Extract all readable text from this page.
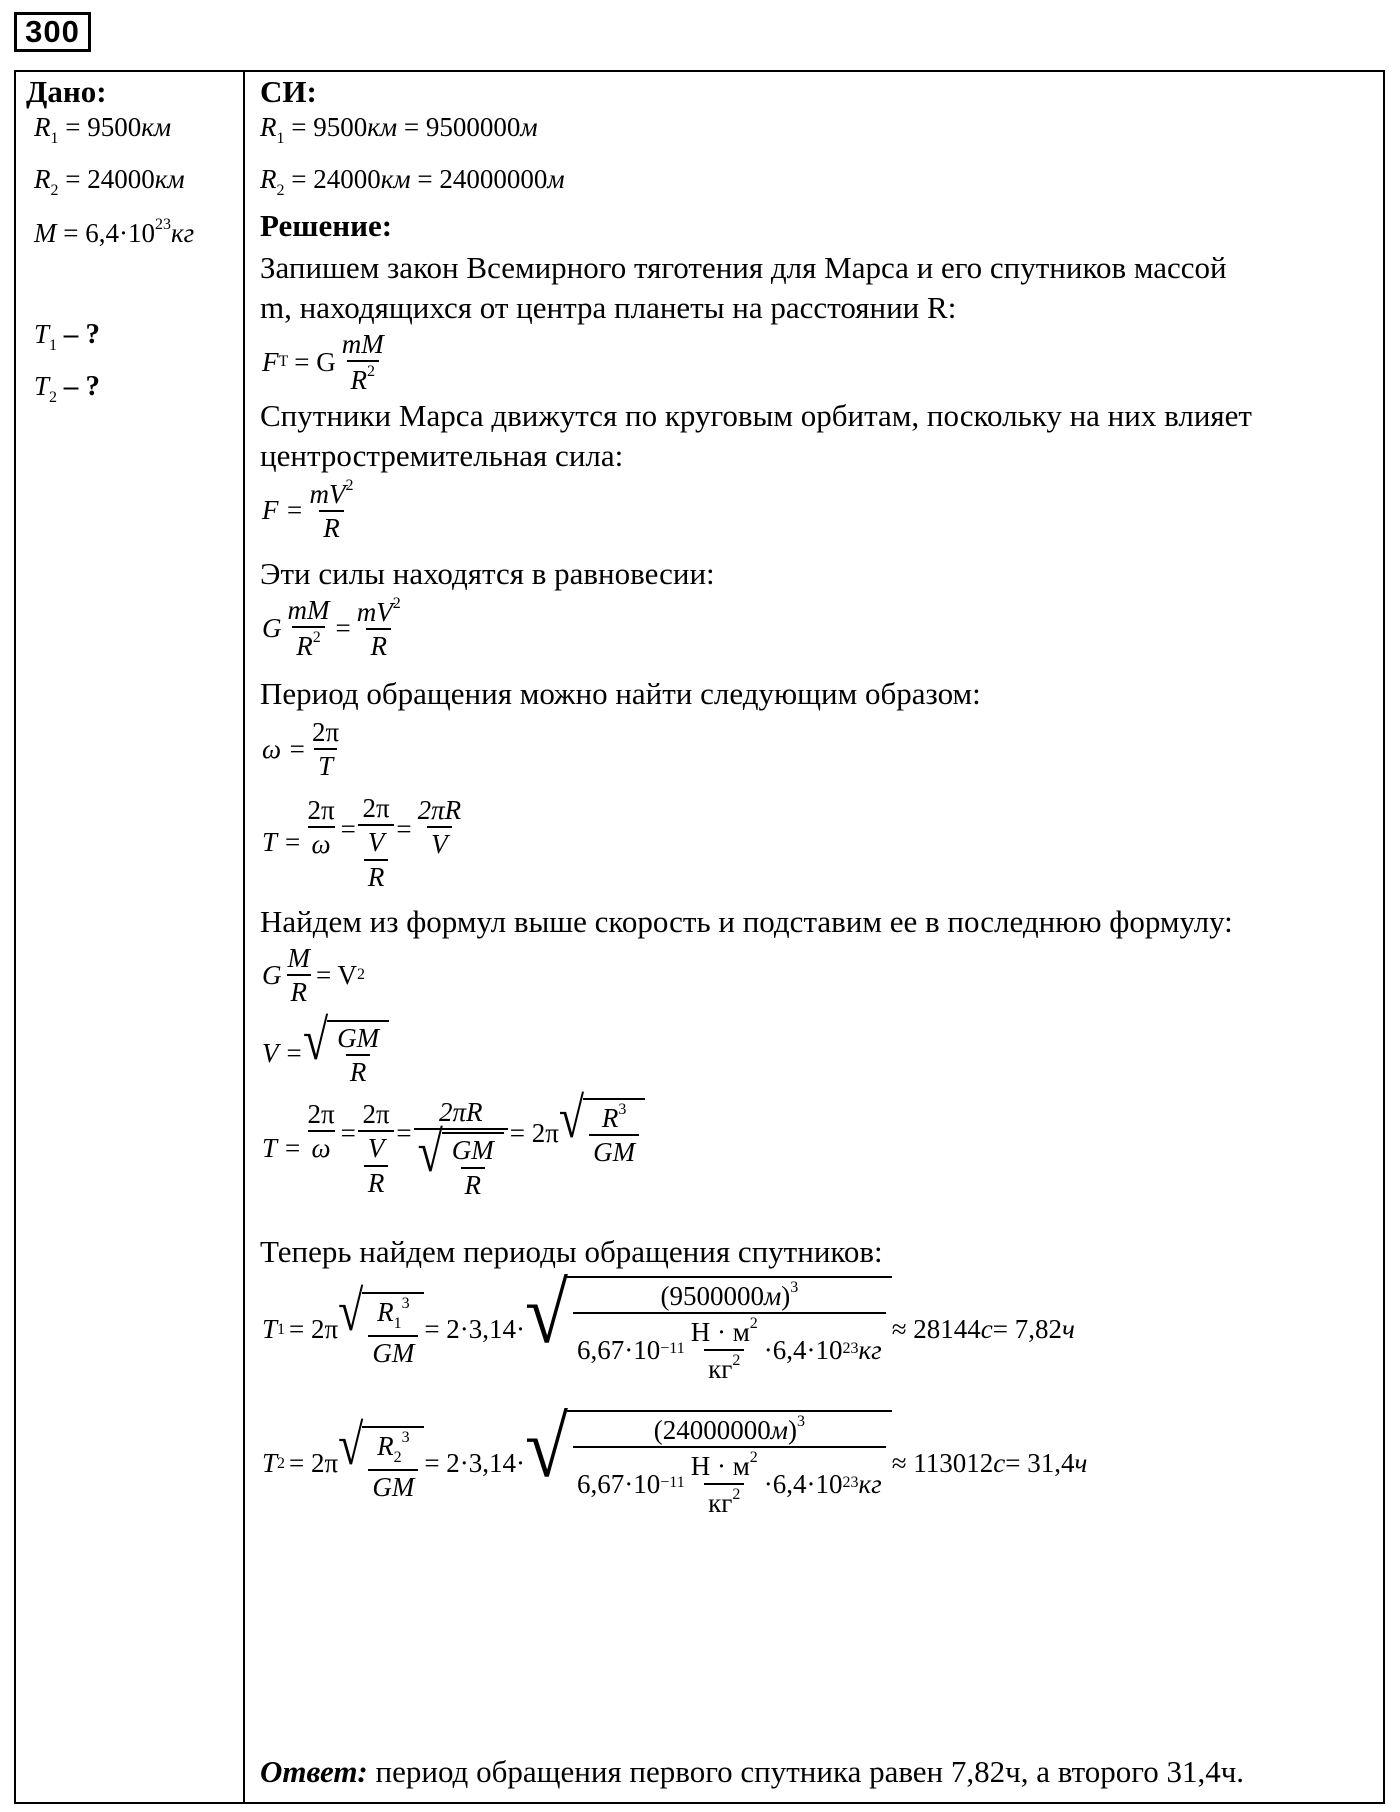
300
Дано:
$R_1 = 9500км$
$R_2 = 24000км$
$M = 6,4\cdot 10^{23}кг$
$T_1$ – ?
$T_2$ – ?
СИ:
$R_1 = 9500км = 9500000м$
$R_2 = 24000км = 24000000м$
Решение:
Запишем закон Всемирного тяготения для Марса и его спутников массой
m, находящихся от центра планеты на расстоянии R:
F T = G
mM
$R^2$
Спутники Марса движутся по круговым орбитам, поскольку на них влияет
центростремительная сила:
$F = \frac{mV^2}{R}$
Эти силы находятся в равновесии:
G $\frac{mM}{R^2} = \frac{mV^2}{R}$
Период обращения можно найти следующим образом:
$\omega = \frac{2\pi}{T}$
$T = \frac{2\pi}{\omega} = \frac{2\pi}{\frac{V}{R}} = \frac{2\pi R}{V}$
Найдем из формул выше скорость и подставим ее в последнюю формулу:
G $\frac{M}{R} = V$ 2
V = √ GM
R
$T = \frac{2\pi}{\omega} = \frac{2\pi}{\frac{V}{R}}$ =
2πR
√ GM
R
= 2π √ $R^3$
GM
Теперь найдем периоды обращения спутников:
T 1 = 2π √ $R_1^3$
GM
= 2·3,14· √	$(9500000м)^3$
6,67·10 −11
$Н \cdot м^2$
$кг^2 \cdot 6,4\cdot 10$ 23 кг
≈ 28144 с = 7,82 ч
T 2 = 2π √ $R_2^3$
GM
= 2·3,14· √	$(24000000м)^3$
6,67·10 −11
$Н \cdot м^2$
$кг^2 \cdot 6,4\cdot 10$ 23 кг
≈ 113012 с = 31,4 ч
Ответ: период обращения первого спутника равен 7,82ч, а второго 31,4ч.
